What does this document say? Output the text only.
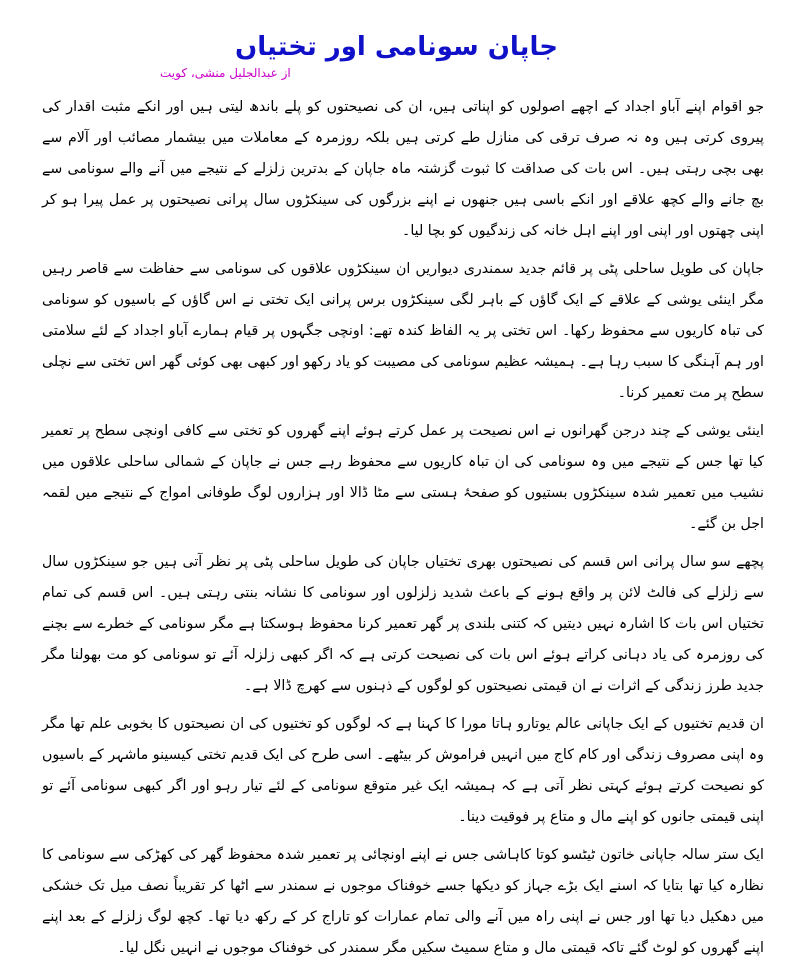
جاپان سونامی اور تختیاں
از عبدالجلیل منشی، کویت

جو اقوام اپنے آباو اجداد کے اچھے اصولوں کو اپناتی ہیں، ان کی نصیحتوں کو پلے باندھ لیتی ہیں اور انکے مثبت اقدار کی پیروی کرتی ہیں وہ نہ صرف ترقی کی منازل طے کرتی ہیں بلکہ روزمرہ کے معاملات میں بیشمار مصائب اور آلام سے بھی بچی رہتی ہیں۔ اس بات کی صداقت کا ثبوت گزشتہ ماہ جاپان کے بدترین زلزلے کے نتیجے میں آنے والے سونامی سے بچ جانے والے کچھ علاقے اور انکے باسی ہیں جنھوں نے اپنے بزرگوں کی سینکڑوں سال پرانی نصیحتوں پر عمل پیرا ہو کر اپنی چھتوں اور اپنی اور اپنے اہل خانہ کی زندگیوں کو بچا لیا۔

جاپان کی طویل ساحلی پٹی پر قائم جدید سمندری دیواریں ان سینکڑوں علاقوں کی سونامی سے حفاظت سے قاصر رہیں مگر اینئی یوشی کے علاقے کے ایک گاؤں کے باہر لگی سینکڑوں برس پرانی ایک تختی نے اس گاؤں کے باسیوں کو سونامی کی تباہ کاریوں سے محفوظ رکھا۔ اس تختی پر یہ الفاظ کندہ تھے: اونچی جگہوں پر قیام ہمارے آباو اجداد کے لئے سلامتی اور ہم آہنگی کا سبب رہا ہے۔ ہمیشہ عظیم سونامی کی مصیبت کو یاد رکھو اور کبھی بھی کوئی گھر اس تختی سے نچلی سطح پر مت تعمیر کرنا۔

اینئی یوشی کے چند درجن گھرانوں نے اس نصیحت پر عمل کرتے ہوئے اپنے گھروں کو تختی سے کافی اونچی سطح پر تعمیر کیا تھا جس کے نتیجے میں وہ سونامی کی ان تباہ کاریوں سے محفوظ رہے جس نے جاپان کے شمالی ساحلی علاقوں میں نشیب میں تعمیر شدہ سینکڑوں بستیوں کو صفحۂ ہستی سے مٹا ڈالا اور ہزاروں لوگ طوفانی امواج کے نتیجے میں لقمہ اجل بن گئے۔

پچھے سو سال پرانی اس قسم کی نصیحتوں بھری تختیاں جاپان کی طویل ساحلی پٹی پر نظر آتی ہیں جو سینکڑوں سال سے زلزلے کی فالٹ لائن پر واقع ہونے کے باعث شدید زلزلوں اور سونامی کا نشانہ بنتی رہتی ہیں۔ اس قسم کی تمام تختیاں اس بات کا اشارہ نہیں دیتیں کہ کتنی بلندی پر گھر تعمیر کرنا محفوظ ہوسکتا ہے مگر سونامی کے خطرے سے بچنے کی روزمرہ کی یاد دہانی کراتے ہوئے اس بات کی نصیحت کرتی ہے کہ اگر کبھی زلزلہ آئے تو سونامی کو مت بھولنا مگر جدید طرز زندگی کے اثرات نے ان قیمتی نصیحتوں کو لوگوں کے ذہنوں سے کھرچ ڈالا ہے۔

ان قدیم تختیوں کے ایک جاپانی عالم یوتارو ہاتا مورا کا کہنا ہے کہ لوگوں کو تختیوں کی ان نصیحتوں کا بخوبی علم تھا مگر وہ اپنی مصروف زندگی اور کام کاج میں انہیں فراموش کر بیٹھے۔ اسی طرح کی ایک قدیم تختی کیسینو ماشہر کے باسیوں کو نصیحت کرتے ہوئے کہتی نظر آتی ہے کہ ہمیشہ ایک غیر متوقع سونامی کے لئے تیار رہو اور اگر کبھی سونامی آئے تو اپنی قیمتی جانوں کو اپنے مال و متاع پر فوقیت دینا۔

ایک ستر سالہ جاپانی خاتون ٹیٹسو کوتا کاہاشی جس نے اپنے اونچائی پر تعمیر شدہ محفوظ گھر کی کھڑکی سے سونامی کا نظارہ کیا تھا بتایا کہ اسنے ایک بڑے جہاز کو دیکھا جسے خوفناک موجوں نے سمندر سے اٹھا کر تقریباً نصف میل تک خشکی میں دھکیل دیا تھا اور جس نے اپنی راہ میں آنے والی تمام عمارات کو تاراج کر کے رکھ دیا تھا۔ کچھ لوگ زلزلے کے بعد اپنے اپنے گھروں کو لوٹ گئے تاکہ قیمتی مال و متاع سمیٹ سکیں مگر سمندر کی خوفناک موجوں نے انہیں نگل لیا۔
